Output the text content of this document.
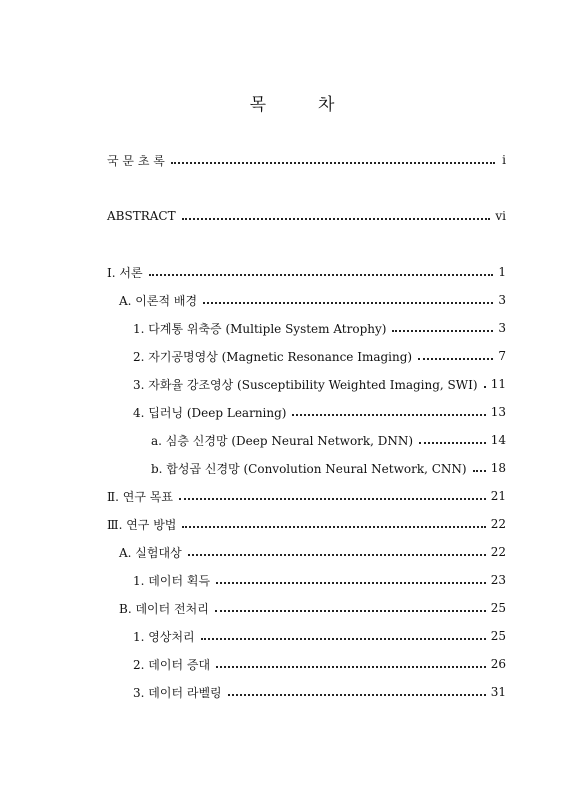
목	차
국 문 초 록	i
ABSTRACT	vi
Ⅰ. 서론	1
A. 이론적 배경	3
1. 다계통 위축증 (Multiple System Atrophy)	3
2. 자기공명영상 (Magnetic Resonance Imaging)	7
3. 자화율 강조영상 (Susceptibility Weighted Imaging, SWI)	11
4. 딥러닝 (Deep Learning)	13
a. 심층 신경망 (Deep Neural Network, DNN)	14
b. 합성곱 신경망 (Convolution Neural Network, CNN)	18
Ⅱ. 연구 목표	21
Ⅲ. 연구 방법	22
A. 실험대상	22
1. 데이터 획득	23
B. 데이터 전처리	25
1. 영상처리	25
2. 데이터 증대	26
3. 데이터 라벨링	31
